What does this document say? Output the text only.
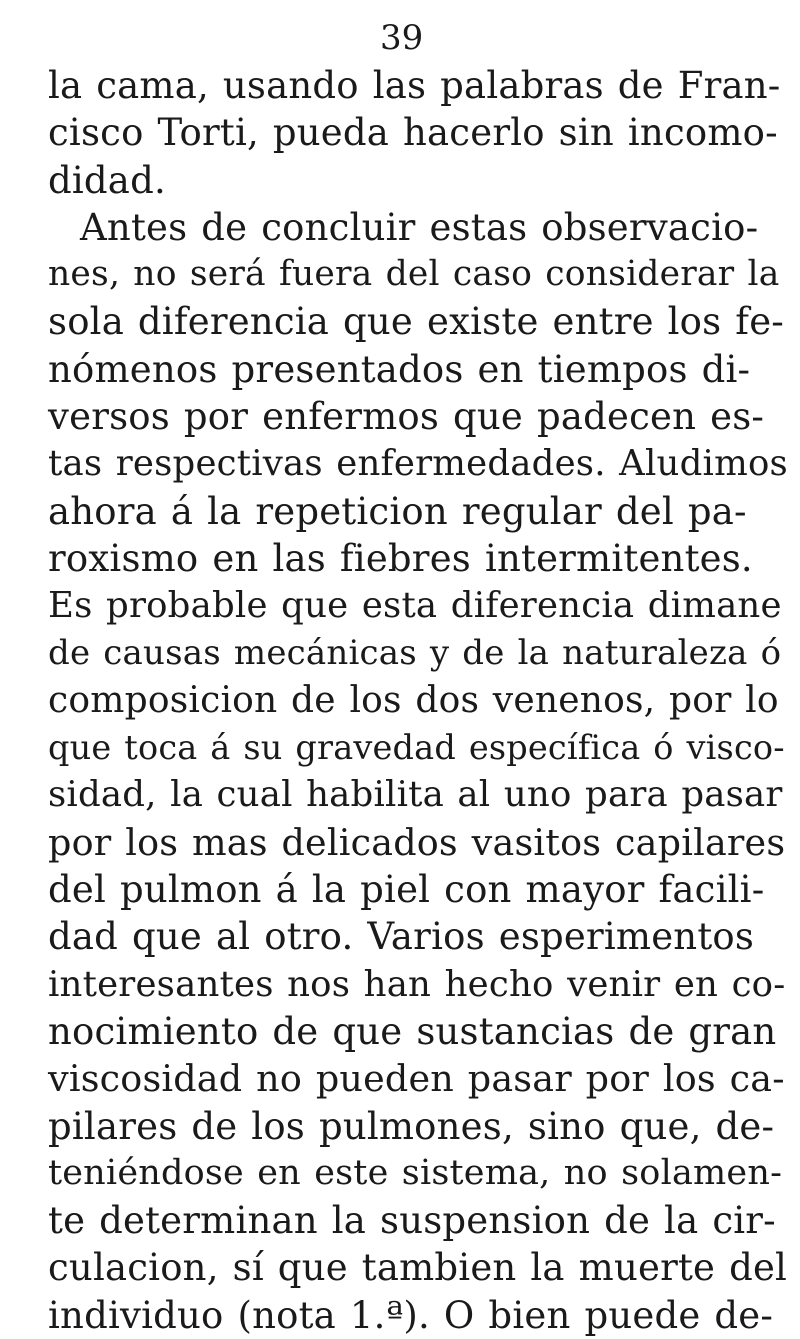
39
la cama, usando las palabras de Fran-
cisco Torti, pueda hacerlo sin incomo-
didad.
Antes de concluir estas observacio-
nes, no será fuera del caso considerar la
sola diferencia que existe entre los fe-
nómenos presentados en tiempos di-
versos por enfermos que padecen es-
tas respectivas enfermedades. Aludimos
ahora á la repeticion regular del pa-
roxismo en las fiebres intermitentes.
Es probable que esta diferencia dimane
de causas mecánicas y de la naturaleza ó
composicion de los dos venenos, por lo
que toca á su gravedad específica ó visco-
sidad, la cual habilita al uno para pasar
por los mas delicados vasitos capilares
del pulmon á la piel con mayor facili-
dad que al otro. Varios esperimentos
interesantes nos han hecho venir en co-
nocimiento de que sustancias de gran
viscosidad no pueden pasar por los ca-
pilares de los pulmones, sino que, de-
teniéndose en este sistema, no solamen-
te determinan la suspension de la cir-
culacion, sí que tambien la muerte del
individuo (nota 1.ª). O bien puede de-
